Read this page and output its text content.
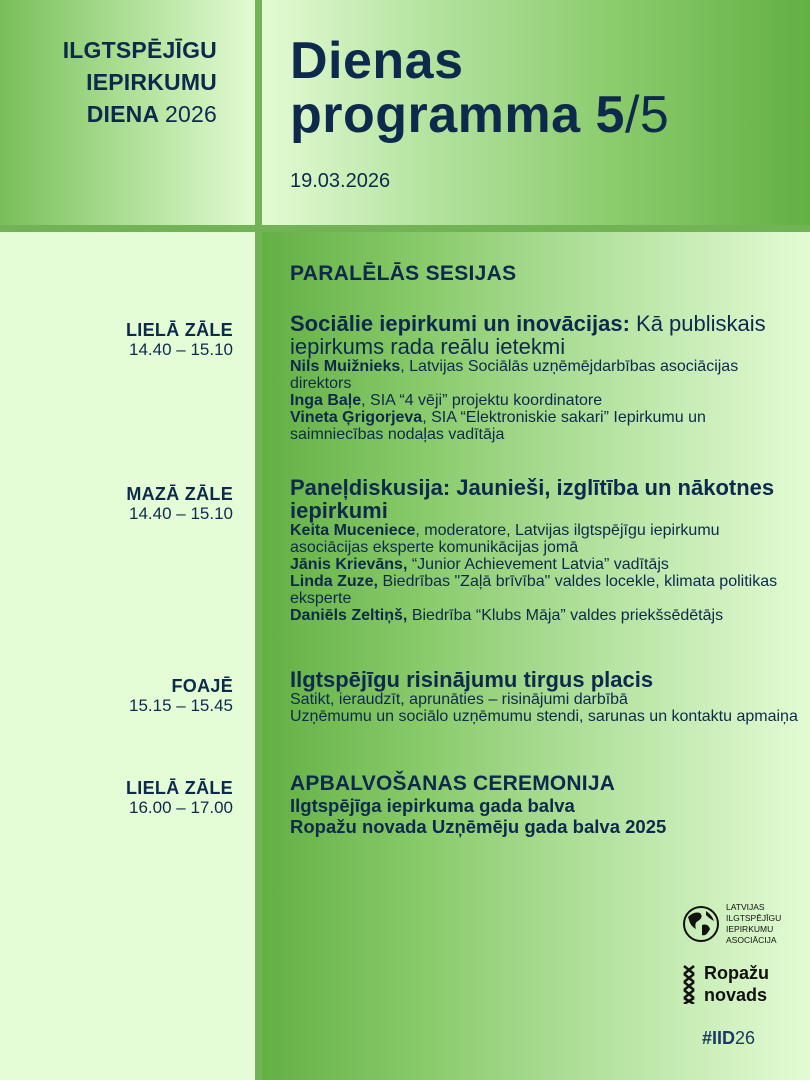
ILGTSPĒJĪGU
IEPIRKUMU
DIENA 2026
Dienas
programma 5/5
19.03.2026
LIELĀ ZĀLE
14.40 – 15.10
MAZĀ ZĀLE
14.40 – 15.10
FOAJĒ
15.15 – 15.45
LIELĀ ZĀLE
16.00 – 17.00
PARALĒLĀS SESIJAS
Sociālie iepirkumi un inovācijas: Kā publiskais iepirkums rada reālu ietekmi
Nils Muižnieks, Latvijas Sociālās uzņēmējdarbības asociācijas direktors
Inga Baļe, SIA “4 vēji” projektu koordinatore
Vineta Ģrigorjeva, SIA “Elektroniskie sakari” Iepirkumu un saimniecības nodaļas vadītāja
Paneļdiskusija: Jaunieši, izglītība un nākotnes iepirkumi
Keita Muceniece, moderatore, Latvijas ilgtspējīgu iepirkumu asociācijas eksperte komunikācijas jomā
Jānis Krievāns, “Junior Achievement Latvia” vadītājs
Linda Zuze, Biedrības "Zaļā brīvība" valdes locekle, klimata politikas eksperte
Daniēls Zeltiņš, Biedrība “Klubs Māja” valdes priekšsēdētājs
Ilgtspējīgu risinājumu tirgus placis
Satikt, ieraudzīt, aprunāties – risinājumi darbībā
Uzņēmumu un sociālo uzņēmumu stendi, sarunas un kontaktu apmaiņa
APBALVOŠANAS CEREMONIJA
Ilgtspējīga iepirkuma gada balva
Ropažu novada Uzņēmēju gada balva 2025
LATVIJAS
ILGTSPĒJĪGU
IEPIRKUMU
ASOCIĀCIJA
Ropažu
novads
#IID26
